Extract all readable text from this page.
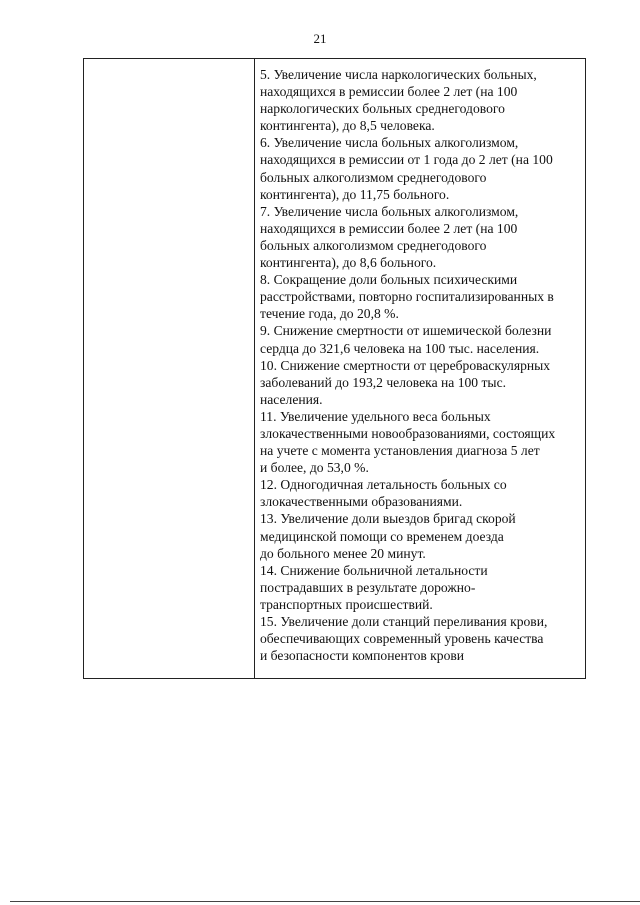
21
5. Увеличение числа наркологических больных,
находящихся в ремиссии более 2 лет (на 100
наркологических больных среднегодового
контингента), до 8,5 человека.
6. Увеличение числа больных алкоголизмом,
находящихся в ремиссии от 1 года до 2 лет (на 100
больных алкоголизмом среднегодового
контингента), до 11,75 больного.
7. Увеличение числа больных алкоголизмом,
находящихся в ремиссии более 2 лет (на 100
больных алкоголизмом среднегодового
контингента), до 8,6 больного.
8. Сокращение доли больных психическими
расстройствами, повторно госпитализированных в
течение года, до 20,8 %.
9. Снижение смертности от ишемической болезни
сердца до 321,6 человека на 100 тыс. населения.
10. Снижение смертности от цереброваскулярных
заболеваний до 193,2 человека на 100 тыс.
населения.
11. Увеличение удельного веса больных
злокачественными новообразованиями, состоящих
на учете с момента установления диагноза 5 лет
и более, до 53,0 %.
12. Одногодичная летальность больных со
злокачественными образованиями.
13. Увеличение доли выездов бригад скорой
медицинской помощи со временем доезда
до больного менее 20 минут.
14. Снижение больничной летальности
пострадавших в результате дорожно-
транспортных происшествий.
15. Увеличение доли станций переливания крови,
обеспечивающих современный уровень качества
и безопасности компонентов крови
